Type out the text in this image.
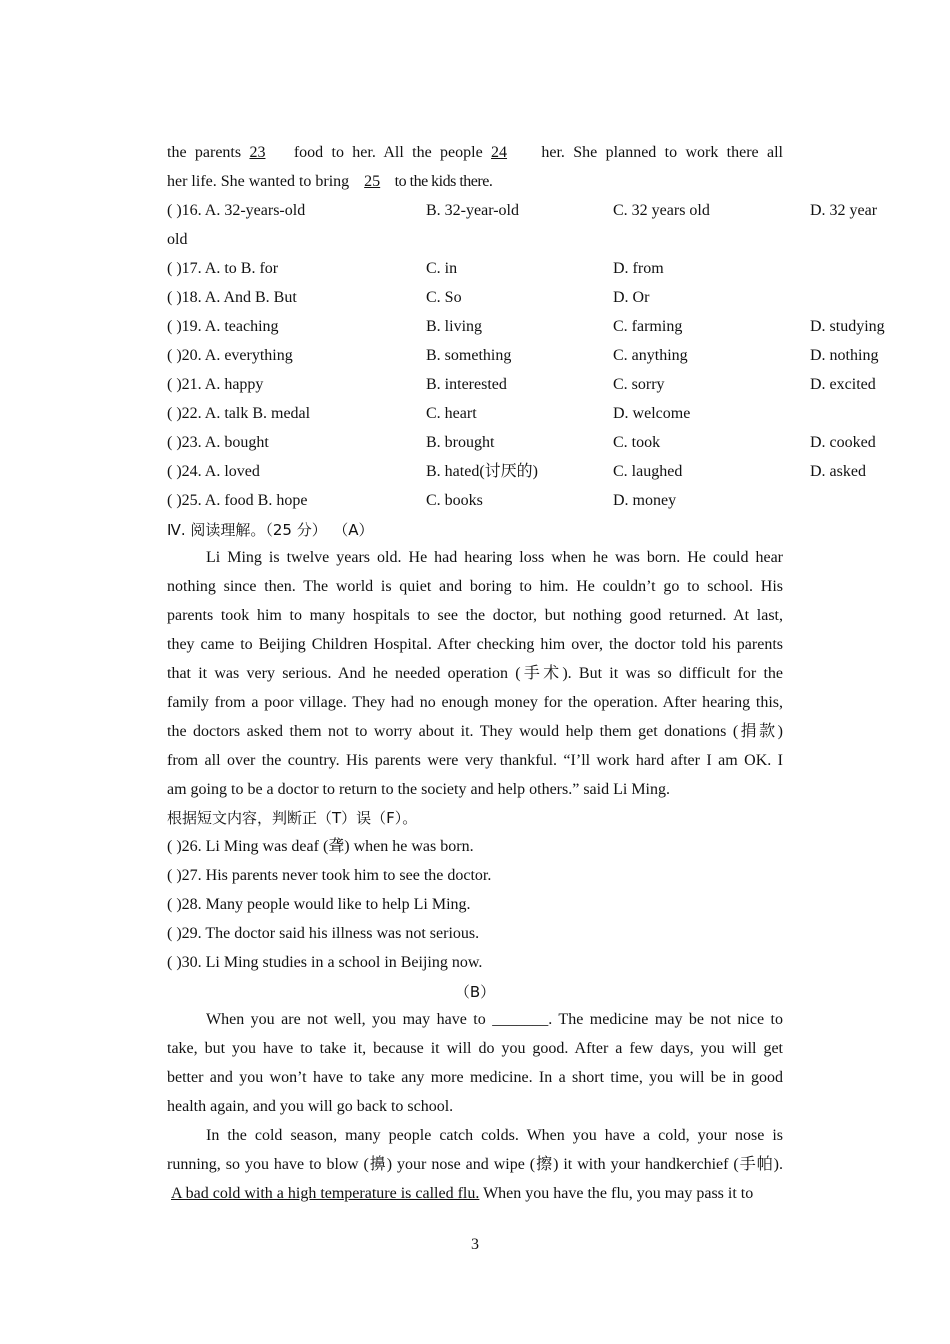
the parents 23 food to her. All the people 24 her. She planned to work there all
her life. She wanted to bring 25 to the kids there.
( )16. A. 32-years-old	B. 32-year-old	C. 32 years old	D. 32 year
old
( )17. A. to B. for	C. in	D. from
( )18. A. And B. But	C. So	D. Or
( )19. A. teaching	B. living	C. farming	D. studying
( )20. A. everything	B. something	C. anything	D. nothing
( )21. A. happy	B. interested	C. sorry	D. excited
( )22. A. talk B. medal	C. heart	D. welcome
( )23. A. bought	B. brought	C. took	D. cooked
( )24. A. loved	B. hated(讨厌的)	C. laughed	D. asked
( )25. A. food B. hope	C. books	D. money
Ⅳ. 阅读理解。（25 分） （A）
Li Ming is twelve years old. He had hearing loss when he was born. He could hear
nothing since then. The world is quiet and boring to him. He couldn’t go to school. His
parents took him to many hospitals to see the doctor, but nothing good returned. At last,
they came to Beijing Children Hospital. After checking him over, the doctor told his parents
that it was very serious. And he needed operation (手术). But it was so difficult for the
family from a poor village. They had no enough money for the operation. After hearing this,
the doctors asked them not to worry about it. They would help them get donations (捐款)
from all over the country. His parents were very thankful. “I’ll work hard after I am OK. I
am going to be a doctor to return to the society and help others.” said Li Ming.
根据短文内容，判断正（T）误（F）。
( )26. Li Ming was deaf (聋) when he was born.
( )27. His parents never took him to see the doctor.
( )28. Many people would like to help Li Ming.
( )29. The doctor said his illness was not serious.
( )30. Li Ming studies in a school in Beijing now.
（B）
When you are not well, you may have to _______. The medicine may be not nice to
take, but you have to take it, because it will do you good. After a few days, you will get
better and you won’t have to take any more medicine. In a short time, you will be in good
health again, and you will go back to school.
In the cold season, many people catch colds. When you have a cold, your nose is
running, so you have to blow (擤) your nose and wipe (擦) it with your handkerchief (手帕).
A bad cold with a high temperature is called flu. When you have the flu, you may pass it to
3
